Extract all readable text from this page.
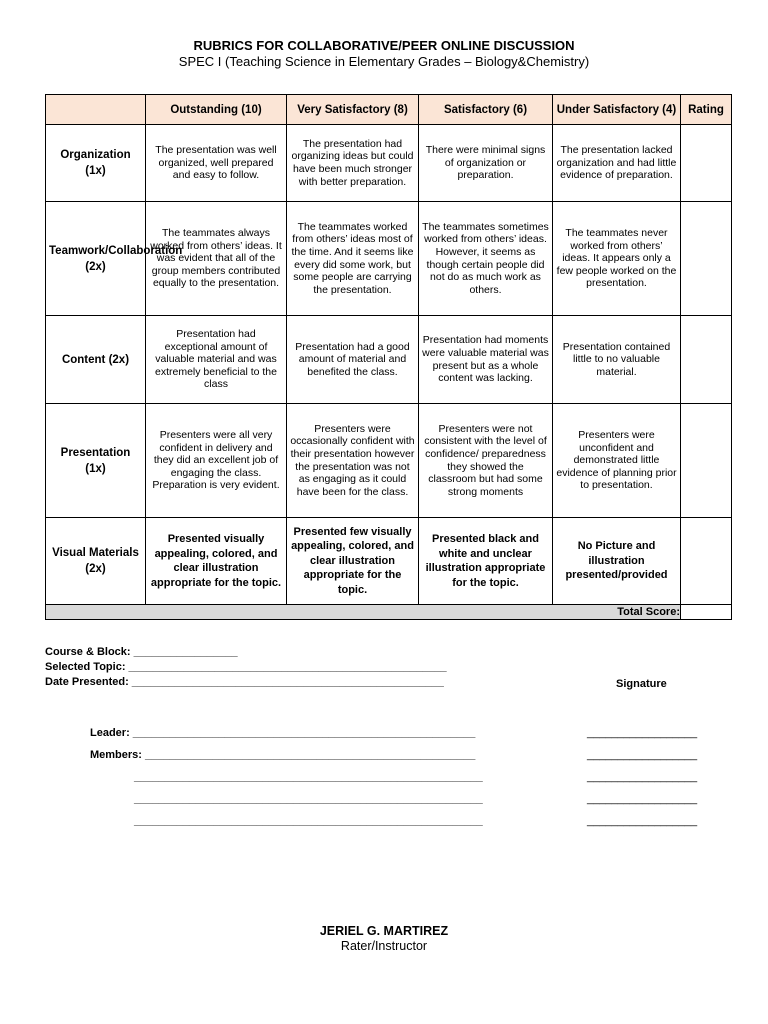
RUBRICS FOR COLLABORATIVE/PEER ONLINE DISCUSSION
SPEC I (Teaching Science in Elementary Grades – Biology&Chemistry)
	Outstanding (10)	Very Satisfactory (8)	Satisfactory (6)	Under Satisfactory (4)	Rating
Organization (1x)	The presentation was well organized, well prepared and easy to follow.	The presentation had organizing ideas but could have been much stronger with better preparation.	There were minimal signs of organization or preparation.	The presentation lacked organization and had little evidence of preparation.	
Teamwork/Collaboration (2x)	The teammates always worked from others’ ideas. It was evident that all of the group members contributed equally to the presentation.	The teammates worked from others’ ideas most of the time. And it seems like every did some work, but some people are carrying the presentation.	The teammates sometimes worked from others’ ideas. However, it seems as though certain people did not do as much work as others.	The teammates never worked from others’ ideas. It appears only a few people worked on the presentation.	
Content (2x)	Presentation had exceptional amount of valuable material and was extremely beneficial to the class	Presentation had a good amount of material and benefited the class.	Presentation had moments were valuable material was present but as a whole content was lacking.	Presentation contained little to no valuable material.	
Presentation (1x)	Presenters were all very confident in delivery and they did an excellent job of engaging the class. Preparation is very evident.	Presenters were occasionally confident with their presentation however the presentation was not as engaging as it could have been for the class.	Presenters were not consistent with the level of confidence/ preparedness they showed the classroom but had some strong moments	Presenters were unconfident and demonstrated little evidence of planning prior to presentation.	
Visual Materials (2x)	Presented visually appealing, colored, and clear illustration appropriate for the topic.	Presented few visually appealing, colored, and clear illustration appropriate for the topic.	Presented black and white and unclear illustration appropriate for the topic.	No Picture and illustration presented/provided	
Total Score:					
Course & Block: _________________
Selected Topic: ____________________________________________________
Date Presented: ___________________________________________________	Signature
Leader: ________________________________________________________
Members: ______________________________________________________
_________________________________________________________
_________________________________________________________
_________________________________________________________
__________________
__________________
__________________
__________________
__________________
JERIEL G. MARTIREZ
Rater/Instructor
